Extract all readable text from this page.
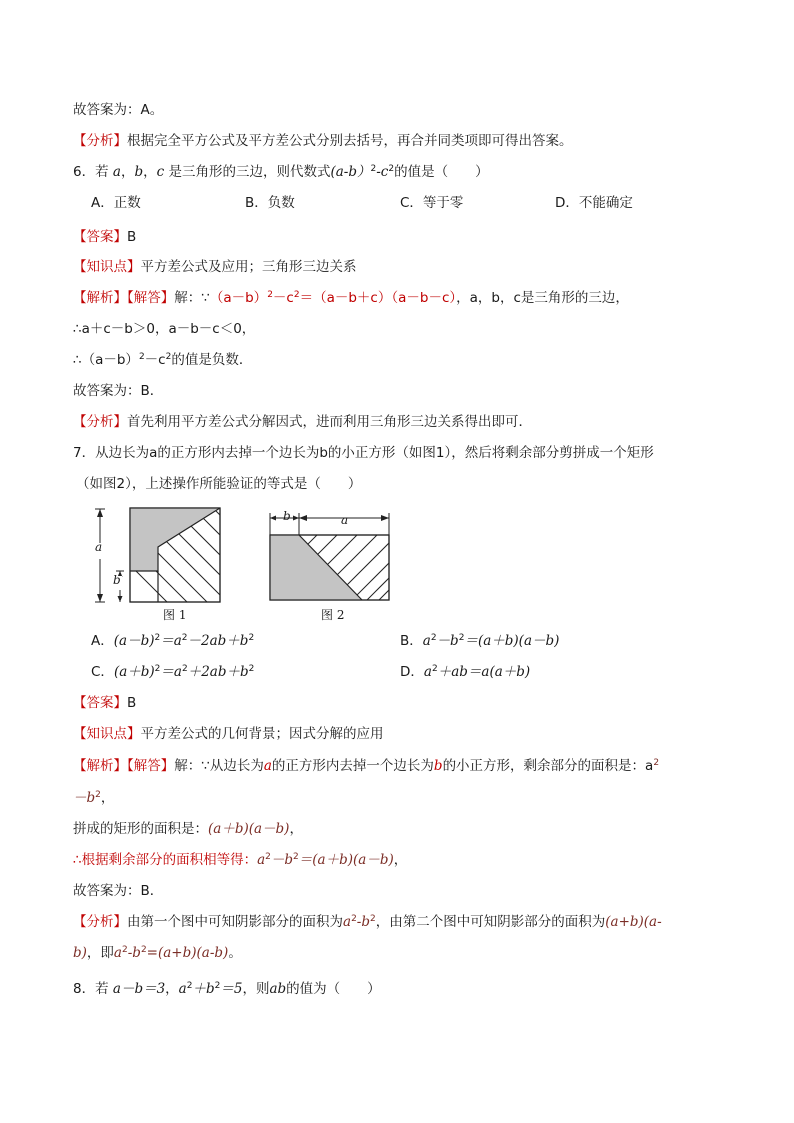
故答案为：A。
【分析】根据完全平方公式及平方差公式分别去括号，再合并同类项即可得出答案。
6．若 a，b，c 是三角形的三边，则代数式$(a-b)^2-c^2$的值是（　　）
A．正数	B．负数	C．等于零	D．不能确定
【答案】B
【知识点】平方差公式及应用；三角形三边关系
【解析】【解答】解：$\because(a-b)^2-c^2=(a-b+c)(a-b-c)$，a，b，c是三角形的三边，
∴a＋c－b＞0，a－b－c＜0，
$\therefore(a-b)^2-c^2$的值是负数．
故答案为：B．
【分析】首先利用平方差公式分解因式，进而利用三角形三边关系得出即可．
7．从边长为a的正方形内去掉一个边长为b的小正方形（如图1），然后将剩余部分剪拼成一个矩形
（如图2），上述操作所能验证的等式是（　　）
a
b
图 1
b	a
图 2
A．$(a-b)^2=a^2-2ab+b^2$	B．$a^2-b^2=(a+b)(a-b)$
C．$(a+b)^2=a^2+2ab+b^2$	D．$a^2+ab=a(a+b)$
【答案】B
【知识点】平方差公式的几何背景；因式分解的应用
【解析】【解答】解：∵从边长为a的正方形内去掉一个边长为b的小正方形，剩余部分的面积是：$a^2$
$-b^2$，
拼成的矩形的面积是：(a＋b)(a－b)，
∴根据剩余部分的面积相等得：$a^2-b^2=(a+b)(a-b)$，
故答案为：B．
【分析】由第一个图中可知阴影部分的面积为$a^2-b^2$，由第二个图中可知阴影部分的面积为(a+b)(a-
b)，即$a^2-b^2=(a+b)(a-b)$。
8．若 a－b＝3，$a^2+b^2=5$，则ab的值为（　　）
